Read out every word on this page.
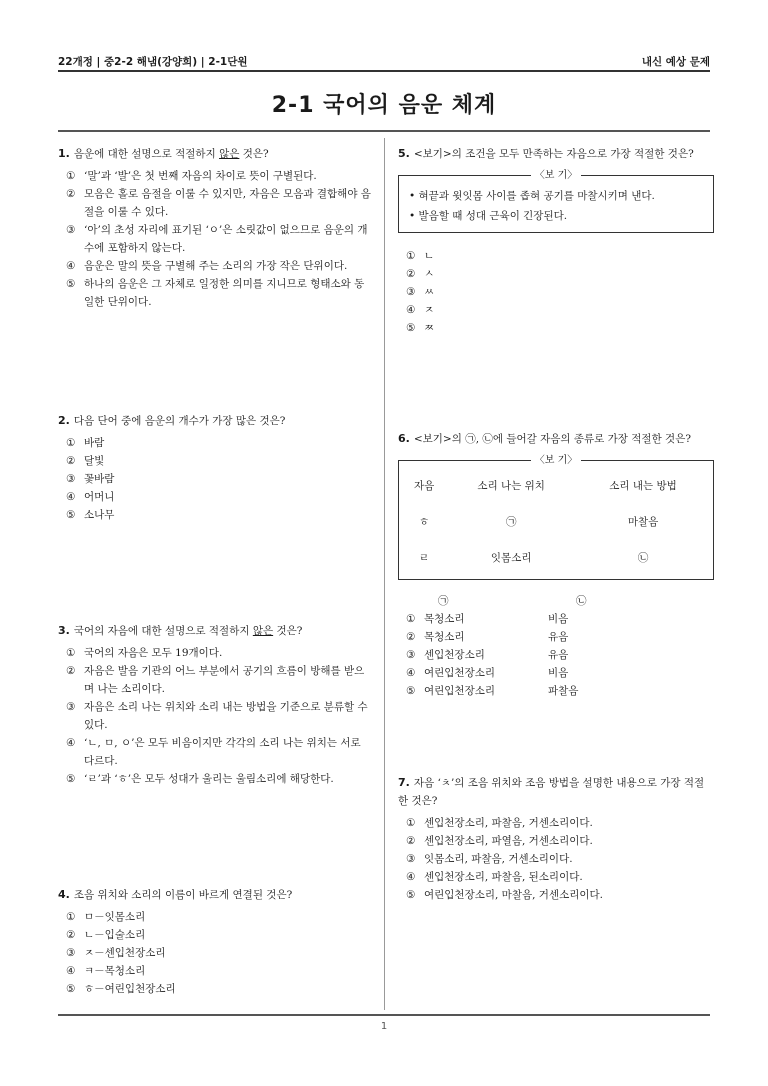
22개정 | 중2-2 해냄(강양희) | 2-1단원	내신 예상 문제
2-1 국어의 음운 체계
1. 음운에 대한 설명으로 적절하지 않은 것은?
① ‘말’과 ‘발’은 첫 번째 자음의 차이로 뜻이 구별된다.
② 모음은 홀로 음절을 이룰 수 있지만, 자음은 모음과 결합해야 음절을 이룰 수 있다.
③ ‘아’의 초성 자리에 표기된 ‘ㅇ’은 소릿값이 없으므로 음운의 개수에 포함하지 않는다.
④ 음운은 말의 뜻을 구별해 주는 소리의 가장 작은 단위이다.
⑤ 하나의 음운은 그 자체로 일정한 의미를 지니므로 형태소와 동일한 단위이다.
2. 다음 단어 중에 음운의 개수가 가장 많은 것은?
① 바람
② 달빛
③ 꽃바람
④ 어머니
⑤ 소나무
3. 국어의 자음에 대한 설명으로 적절하지 않은 것은?
① 국어의 자음은 모두 19개이다.
② 자음은 발음 기관의 어느 부분에서 공기의 흐름이 방해를 받으며 나는 소리이다.
③ 자음은 소리 나는 위치와 소리 내는 방법을 기준으로 분류할 수 있다.
④ ‘ㄴ, ㅁ, ㅇ’은 모두 비음이지만 각각의 소리 나는 위치는 서로 다르다.
⑤ ‘ㄹ’과 ‘ㅎ’은 모두 성대가 울리는 울림소리에 해당한다.
4. 조음 위치와 소리의 이름이 바르게 연결된 것은?
① ㅁ－잇몸소리
② ㄴ－입술소리
③ ㅈ－센입천장소리
④ ㅋ－목청소리
⑤ ㅎ－여린입천장소리
5. <보기>의 조건을 모두 만족하는 자음으로 가장 적절한 것은?
〈보 기〉
• 혀끝과 윗잇몸 사이를 좁혀 공기를 마찰시키며 낸다.
• 발음할 때 성대 근육이 긴장된다.
① ㄴ
② ㅅ
③ ㅆ
④ ㅈ
⑤ ㅉ
6. <보기>의 ㉠, ㉡에 들어갈 자음의 종류로 가장 적절한 것은?
〈보 기〉
자음	소리 나는 위치	소리 내는 방법
ㅎ	㉠	마찰음
ㄹ	잇몸소리	㉡
㉠	㉡
① 목청소리	비음
② 목청소리	유음
③ 센입천장소리	유음
④ 여린입천장소리	비음
⑤ 여린입천장소리	파찰음
7. 자음 ‘ㅊ’의 조음 위치와 조음 방법을 설명한 내용으로 가장 적절한 것은?
① 센입천장소리, 파찰음, 거센소리이다.
② 센입천장소리, 파열음, 거센소리이다.
③ 잇몸소리, 파찰음, 거센소리이다.
④ 센입천장소리, 파찰음, 된소리이다.
⑤ 여린입천장소리, 마찰음, 거센소리이다.
1
